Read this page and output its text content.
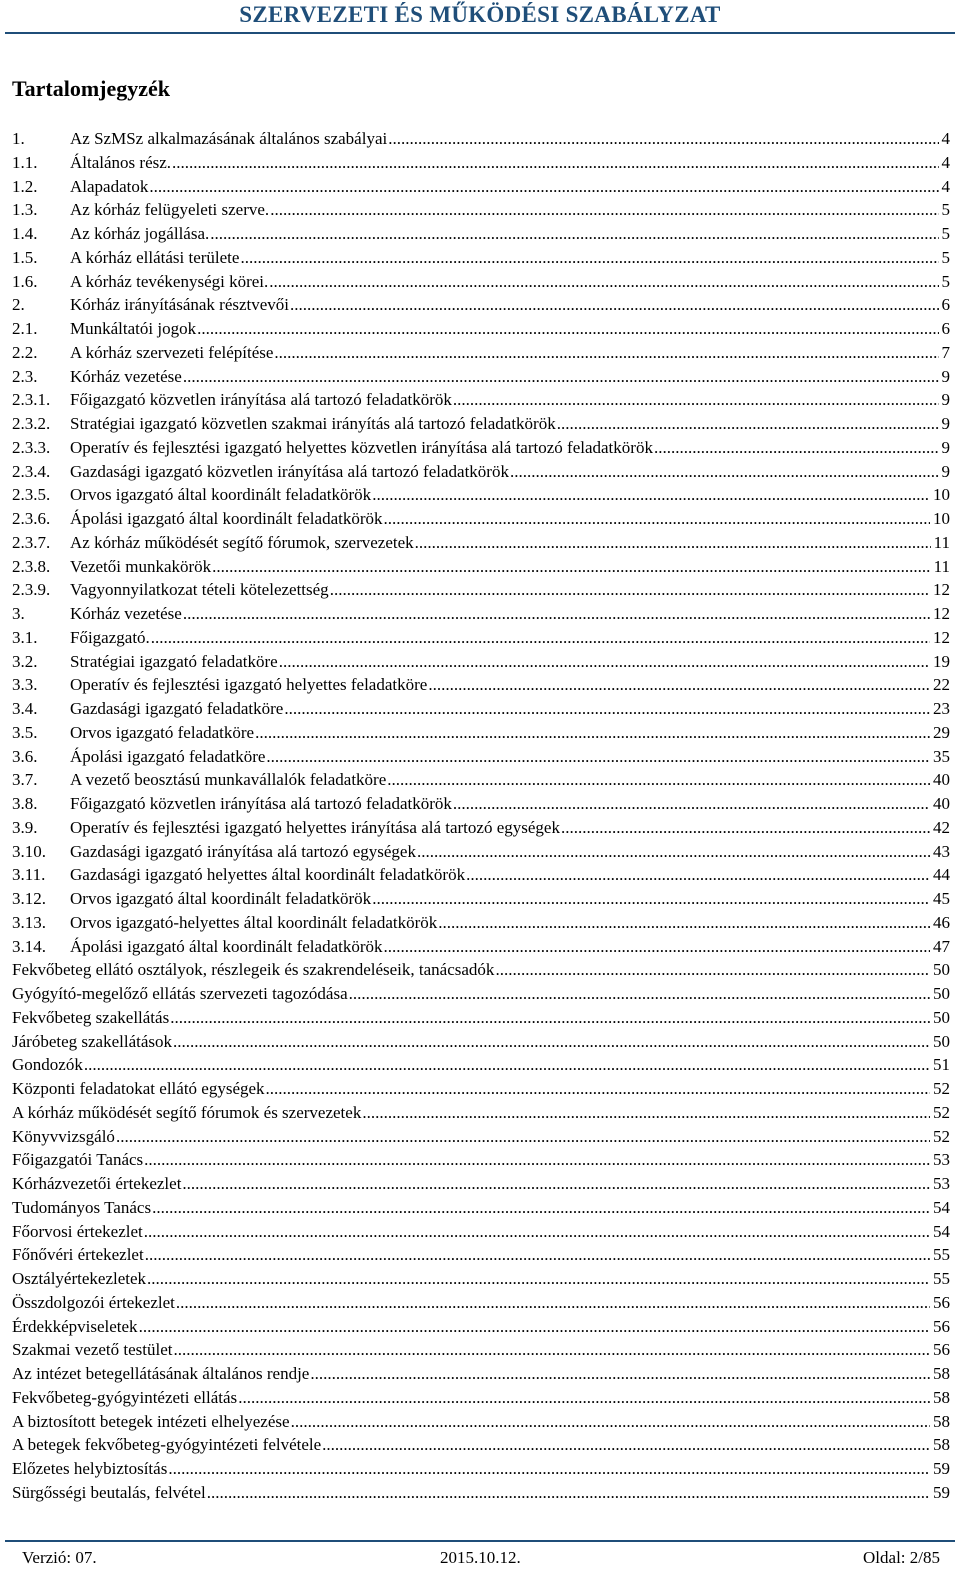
SZERVEZETI ÉS MŰKÖDÉSI SZABÁLYZAT
Tartalomjegyzék
1.	Az SzMSz alkalmazásának általános szabályai .....	4
1.1.	Általános rész. .....	4
1.2.	Alapadatok .....	4
1.3.	Az kórház felügyeleti szerve. .....	5
1.4.	Az kórház jogállása. .....	5
1.5.	A kórház ellátási területe .....	5
1.6.	A kórház tevékenységi körei. .....	5
2.	Kórház irányításának résztvevői .....	6
2.1.	Munkáltatói jogok .....	6
2.2.	A kórház szervezeti felépítése .....	7
2.3.	Kórház vezetése .....	9
2.3.1.	Főigazgató közvetlen irányítása alá tartozó feladatkörök .....	9
2.3.2.	Stratégiai igazgató közvetlen szakmai irányítás alá tartozó feladatkörök .....	9
2.3.3.	Operatív és fejlesztési igazgató helyettes közvetlen irányítása alá tartozó feladatkörök .....	9
2.3.4.	Gazdasági igazgató közvetlen irányítása alá tartozó feladatkörök .....	9
2.3.5.	Orvos igazgató által koordinált feladatkörök .....	10
2.3.6.	Ápolási igazgató által koordinált feladatkörök .....	10
2.3.7.	Az kórház működését segítő fórumok, szervezetek .....	11
2.3.8.	Vezetői munkakörök .....	11
2.3.9.	Vagyonnyilatkozat tételi kötelezettség .....	12
3.	Kórház vezetése .....	12
3.1.	Főigazgató. .....	12
3.2.	Stratégiai igazgató feladatköre .....	19
3.3.	Operatív és fejlesztési igazgató helyettes feladatköre .....	22
3.4.	Gazdasági igazgató feladatköre .....	23
3.5.	Orvos igazgató feladatköre .....	29
3.6.	Ápolási igazgató feladatköre .....	35
3.7.	A vezető beosztású munkavállalók feladatköre .....	40
3.8.	Főigazgató közvetlen irányítása alá tartozó feladatkörök .....	40
3.9.	Operatív és fejlesztési igazgató helyettes irányítása alá tartozó egységek .....	42
3.10.	Gazdasági igazgató irányítása alá tartozó egységek .....	43
3.11.	Gazdasági igazgató helyettes által koordinált feladatkörök .....	44
3.12.	Orvos igazgató által koordinált feladatkörök .....	45
3.13.	Orvos igazgató-helyettes által koordinált feladatkörök .....	46
3.14.	Ápolási igazgató által koordinált feladatkörök .....	47
Fekvőbeteg ellátó osztályok, részlegeik és szakrendeléseik, tanácsadók .....	50
Gyógyító-megelőző ellátás szervezeti tagozódása .....	50
Fekvőbeteg szakellátás .....	50
Járóbeteg szakellátások .....	50
Gondozók .....	51
Központi feladatokat ellátó egységek .....	52
A kórház működését segítő fórumok és szervezetek .....	52
Könyvvizsgáló .....	52
Főigazgatói Tanács .....	53
Kórházvezetői értekezlet .....	53
Tudományos Tanács .....	54
Főorvosi értekezlet .....	54
Főnővéri értekezlet .....	55
Osztályértekezletek .....	55
Összdolgozói értekezlet .....	56
Érdekképviseletek .....	56
Szakmai vezető testület .....	56
Az intézet betegellátásának általános rendje .....	58
Fekvőbeteg-gyógyintézeti ellátás .....	58
A biztosított betegek intézeti elhelyezése .....	58
A betegek fekvőbeteg-gyógyintézeti felvétele .....	58
Előzetes helybiztosítás .....	59
Sürgősségi beutalás, felvétel .....	59
Verzió: 07.	2015.10.12.	Oldal: 2/85
